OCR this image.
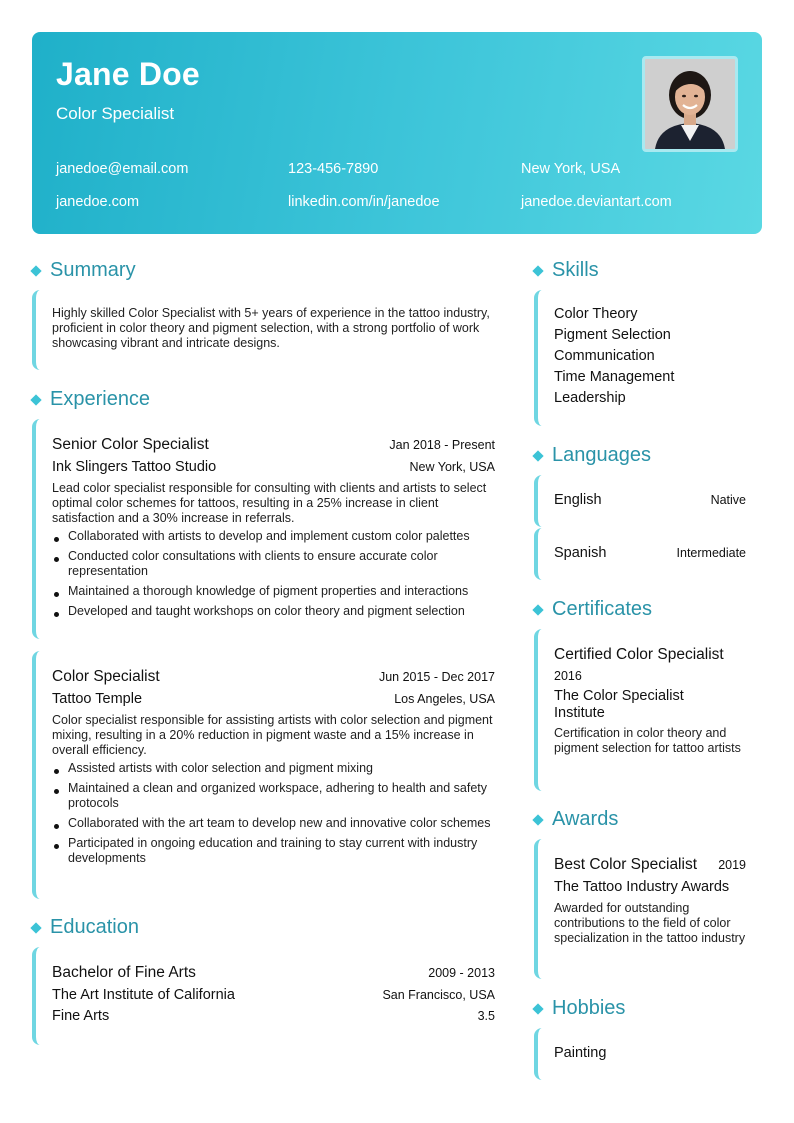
Jane Doe
Color Specialist
janedoe@email.com	123-456-7890	New York, USA
janedoe.com	linkedin.com/in/janedoe	janedoe.deviantart.com
Summary
Highly skilled Color Specialist with 5+ years of experience in the tattoo industry, proficient in color theory and pigment selection, with a strong portfolio of work showcasing vibrant and intricate designs.
Experience
Senior Color Specialist	Jan 2018 - Present
Ink Slingers Tattoo Studio	New York, USA
Lead color specialist responsible for consulting with clients and artists to select optimal color schemes for tattoos, resulting in a 25% increase in client satisfaction and a 30% increase in referrals.
Collaborated with artists to develop and implement custom color palettes
Conducted color consultations with clients to ensure accurate color representation
Maintained a thorough knowledge of pigment properties and interactions
Developed and taught workshops on color theory and pigment selection
Color Specialist	Jun 2015 - Dec 2017
Tattoo Temple	Los Angeles, USA
Color specialist responsible for assisting artists with color selection and pigment mixing, resulting in a 20% reduction in pigment waste and a 15% increase in overall efficiency.
Assisted artists with color selection and pigment mixing
Maintained a clean and organized workspace, adhering to health and safety protocols
Collaborated with the art team to develop new and innovative color schemes
Participated in ongoing education and training to stay current with industry developments
Education
Bachelor of Fine Arts	2009 - 2013
The Art Institute of California	San Francisco, USA
Fine Arts	3.5
Skills
Color Theory
Pigment Selection
Communication
Time Management
Leadership
Languages
English	Native
Spanish	Intermediate
Certificates
Certified Color Specialist
2016
The Color Specialist Institute
Certification in color theory and pigment selection for tattoo artists
Awards
Best Color Specialist 2019
The Tattoo Industry Awards
Awarded for outstanding contributions to the field of color specialization in the tattoo industry
Hobbies
Painting
